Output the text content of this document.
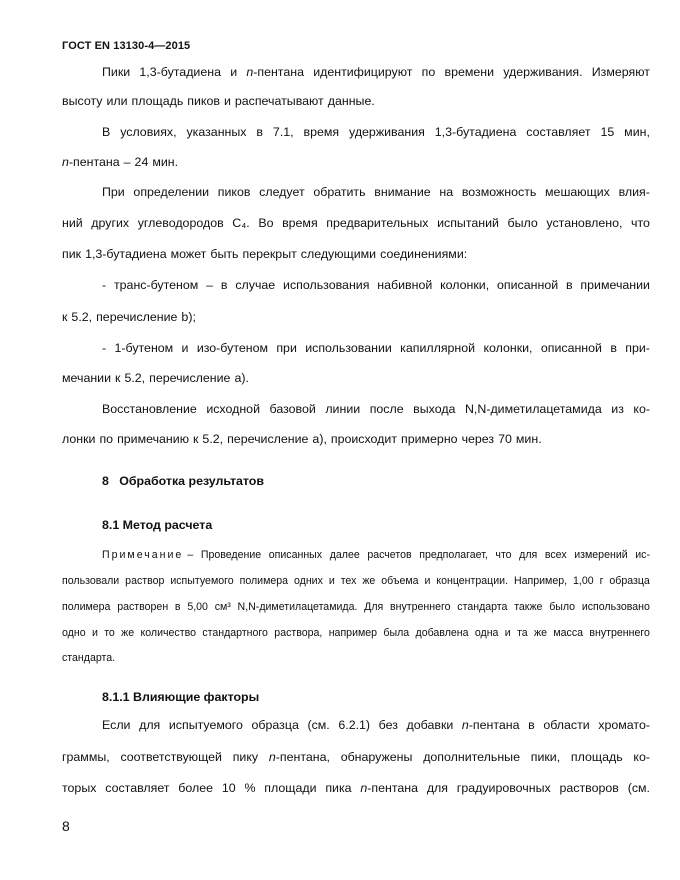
ГОСТ EN 13130-4—2015
Пики 1,3-бутадиена и n-пентана идентифицируют по времени удерживания. Измеряют
высоту или площадь пиков и распечатывают данные.
В условиях, указанных в 7.1, время удерживания 1,3-бутадиена составляет 15 мин,
n-пентана – 24 мин.
При определении пиков следует обратить внимание на возможность мешающих влия-
ний других углеводородов C₄. Во время предварительных испытаний было установлено, что
пик 1,3-бутадиена может быть перекрыт следующими соединениями:
- транс-бутеном – в случае использования набивной колонки, описанной в примечании
к 5.2, перечисление b);
- 1-бутеном и изо-бутеном при использовании капиллярной колонки, описанной в при-
мечании к 5.2, перечисление а).
Восстановление исходной базовой линии после выхода N,N-диметилацетамида из ко-
лонки по примечанию к 5.2, перечисление а), происходит примерно через 70 мин.
8 Обработка результатов
8.1 Метод расчета
Примечание – Проведение описанных далее расчетов предполагает, что для всех измерений ис-
пользовали раствор испытуемого полимера одних и тех же объема и концентрации. Например, 1,00 г образца
полимера растворен в 5,00 см³ N,N-диметилацетамида. Для внутреннего стандарта также было использовано
одно и то же количество стандартного раствора, например была добавлена одна и та же масса внутреннего
стандарта.
8.1.1 Влияющие факторы
Если для испытуемого образца (см. 6.2.1) без добавки n-пентана в области хромато-
граммы, соответствующей пику n-пентана, обнаружены дополнительные пики, площадь ко-
торых составляет более 10 % площади пика n-пентана для градуировочных растворов (см.
8
